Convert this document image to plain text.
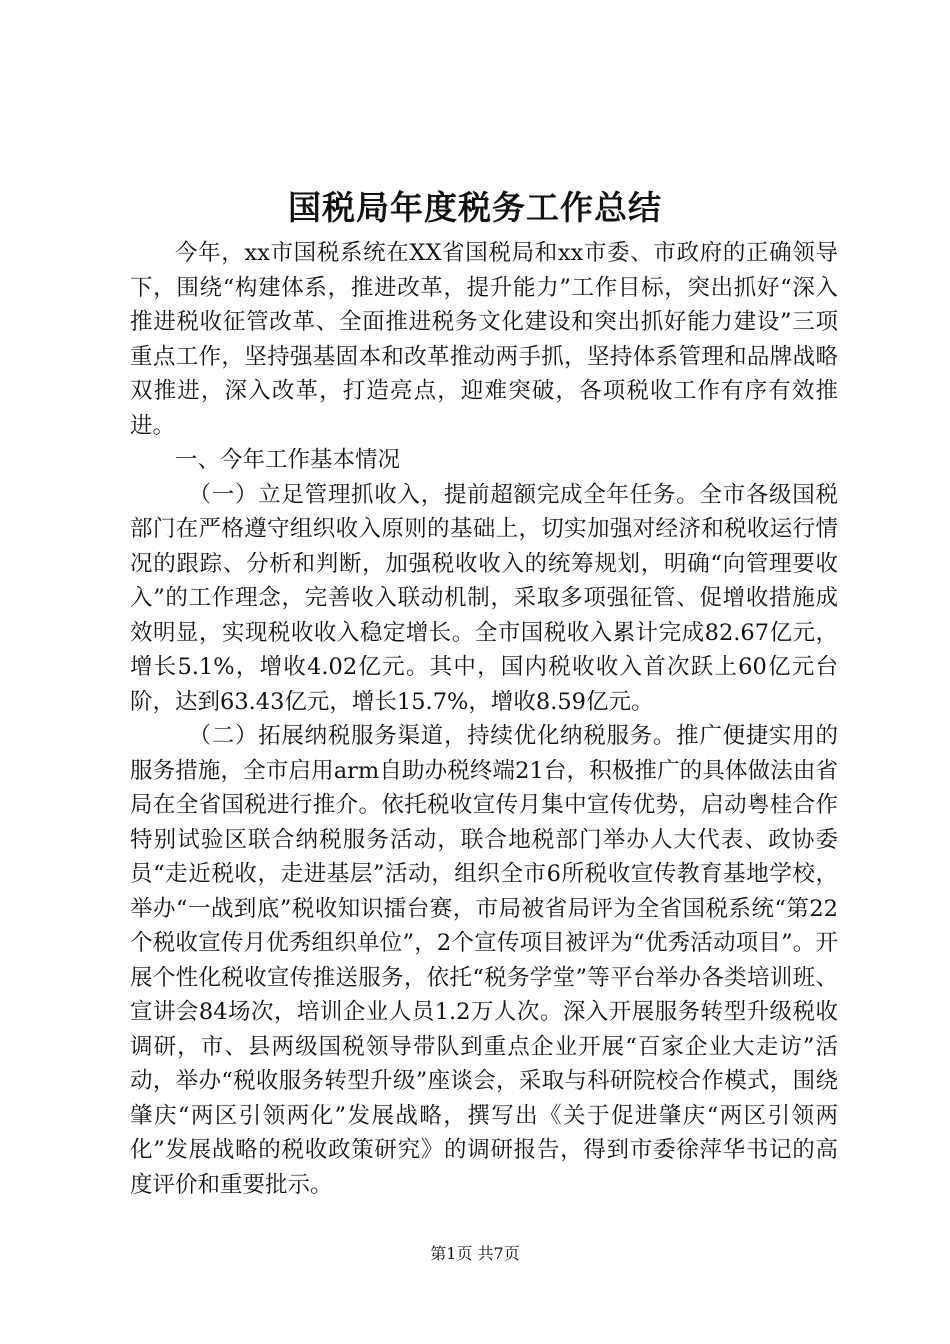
国税局年度税务工作总结

今年，xx市国税系统在XX省国税局和xx市委、市政府的正确领导下，围绕“构建体系，推进改革，提升能力”工作目标，突出抓好“深入推进税收征管改革、全面推进税务文化建设和突出抓好能力建设”三项重点工作，坚持强基固本和改革推动两手抓，坚持体系管理和品牌战略双推进，深入改革，打造亮点，迎难突破，各项税收工作有序有效推进。

一、今年工作基本情况

（一）立足管理抓收入，提前超额完成全年任务。全市各级国税部门在严格遵守组织收入原则的基础上，切实加强对经济和税收运行情况的跟踪、分析和判断，加强税收收入的统筹规划，明确“向管理要收入”的工作理念，完善收入联动机制，采取多项强征管、促增收措施成效明显，实现税收收入稳定增长。全市国税收入累计完成82.67亿元，增长5.1%，增收4.02亿元。其中，国内税收收入首次跃上60亿元台阶，达到63.43亿元，增长15.7%，增收8.59亿元。

（二）拓展纳税服务渠道，持续优化纳税服务。推广便捷实用的服务措施，全市启用arm自助办税终端21台，积极推广的具体做法由省局在全省国税进行推介。依托税收宣传月集中宣传优势，启动粤桂合作特别试验区联合纳税服务活动，联合地税部门举办人大代表、政协委员“走近税收，走进基层”活动，组织全市6所税收宣传教育基地学校，举办“一战到底”税收知识擂台赛，市局被省局评为全省国税系统“第22个税收宣传月优秀组织单位”，2个宣传项目被评为“优秀活动项目”。开展个性化税收宣传推送服务，依托“税务学堂”等平台举办各类培训班、宣讲会84场次，培训企业人员1.2万人次。深入开展服务转型升级税收调研，市、县两级国税领导带队到重点企业开展“百家企业大走访”活动，举办“税收服务转型升级”座谈会，采取与科研院校合作模式，围绕肇庆“两区引领两化”发展战略，撰写出《关于促进肇庆“两区引领两化”发展战略的税收政策研究》的调研报告，得到市委徐萍华书记的高度评价和重要批示。

第1页 共7页
